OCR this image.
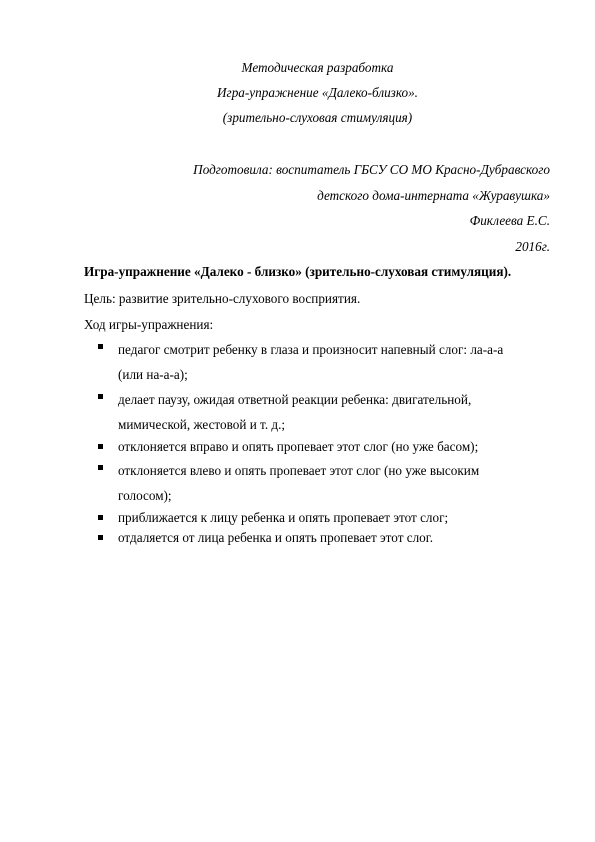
Методическая разработка
Игра-упражнение «Далеко-близко».
(зрительно-слуховая стимуляция)
Подготовила: воспитатель ГБСУ СО МО Красно-Дубравского
детского дома-интерната «Журавушка»
Фиклеева Е.С.
2016г.
Игра-упражнение «Далеко - близко» (зрительно-слуховая стимуляция).
Цель: развитие зрительно-слухового восприятия.
Ход игры-упражнения:
педагог смотрит ребенку в глаза и произносит напевный слог: ла-а-а
(или на-а-а);
делает паузу, ожидая ответной реакции ребенка: двигательной,
мимической, жестовой и т. д.;
отклоняется вправо и опять пропевает этот слог (но уже басом);
отклоняется влево и опять пропевает этот слог (но уже высоким
голосом);
приближается к лицу ребенка и опять пропевает этот слог;
отдаляется от лица ребенка и опять пропевает этот слог.
